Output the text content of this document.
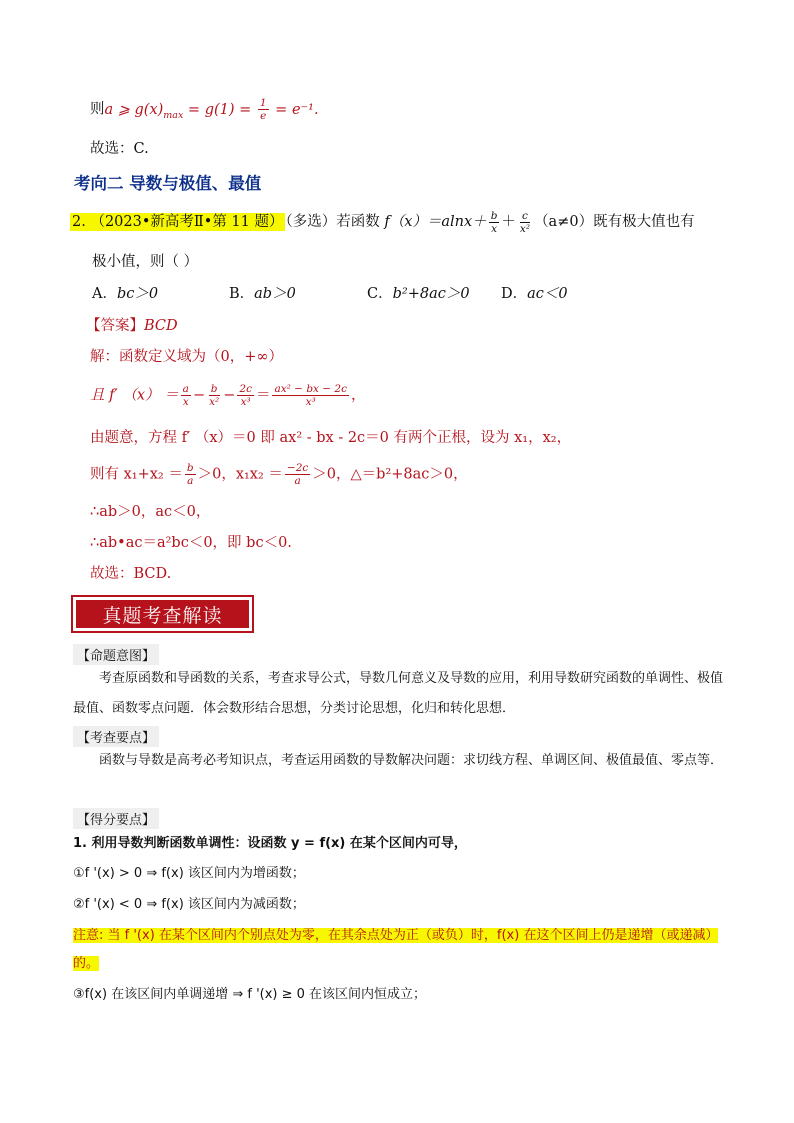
则a ⩾ $g(x)_{max} = g(1) = \frac{1}{e} = e^{-1}$.
故选：C.
考向二 导数与极值、最值
2. （2023•新高考Ⅱ•第 11 题） （多选）若函数 $f(x)=alnx+ \frac{b}{x} + \frac{c}{\text{x²}} (a\ne 0)$既有极大值也有
极小值，则（ ）
A．bc＞0	B．ab＞0	C．b²+8ac＞0 D．ac＜0
【答案】BCD
解：函数定义域为（0，+∞）
且 f′ $(x) = \frac{a}{x} - \frac{b}{\text{x²}} - \frac{2c}{\text{x³}} = \frac{\text{ax² − bx − 2c}}{\text{x³}}$ ，
由题意，方程 f′ （x）＝0 即 ax² - bx - 2c＝0 有两个正根，设为 x₁，x₂，
则有 $x_1+x_2 = \frac{b}{a} >0$，$x_1x_2 = \frac{-2c}{a} >0$，△＝b²+8ac＞0，
∴ab＞0，ac＜0，
∴ab•ac＝a²bc＜0，即 bc＜0.
故选：BCD.
真题考查解读
【命题意图】
考查原函数和导函数的关系，考查求导公式，导数几何意义及导数的应用，利用导数研究函数的单调性、极值最值、函数零点问题．体会数形结合思想，分类讨论思想，化归和转化思想．
【考查要点】
函数与导数是高考必考知识点，考查运用函数的导数解决问题：求切线方程、单调区间、极值最值、零点等．
【得分要点】
1. 利用导数判断函数单调性：设函数 y = f(x) 在某个区间内可导，
①f '(x) > 0 ⇒ f(x) 该区间内为增函数；
②f '(x) < 0 ⇒ f(x) 该区间内为减函数；
注意: 当 f '(x) 在某个区间内个别点处为零，在其余点处为正（或负）时，f(x) 在这个区间上仍是递增（或递减）的。
③f(x) 在该区间内单调递增 ⇒ f '(x) ≥ 0 在该区间内恒成立；
